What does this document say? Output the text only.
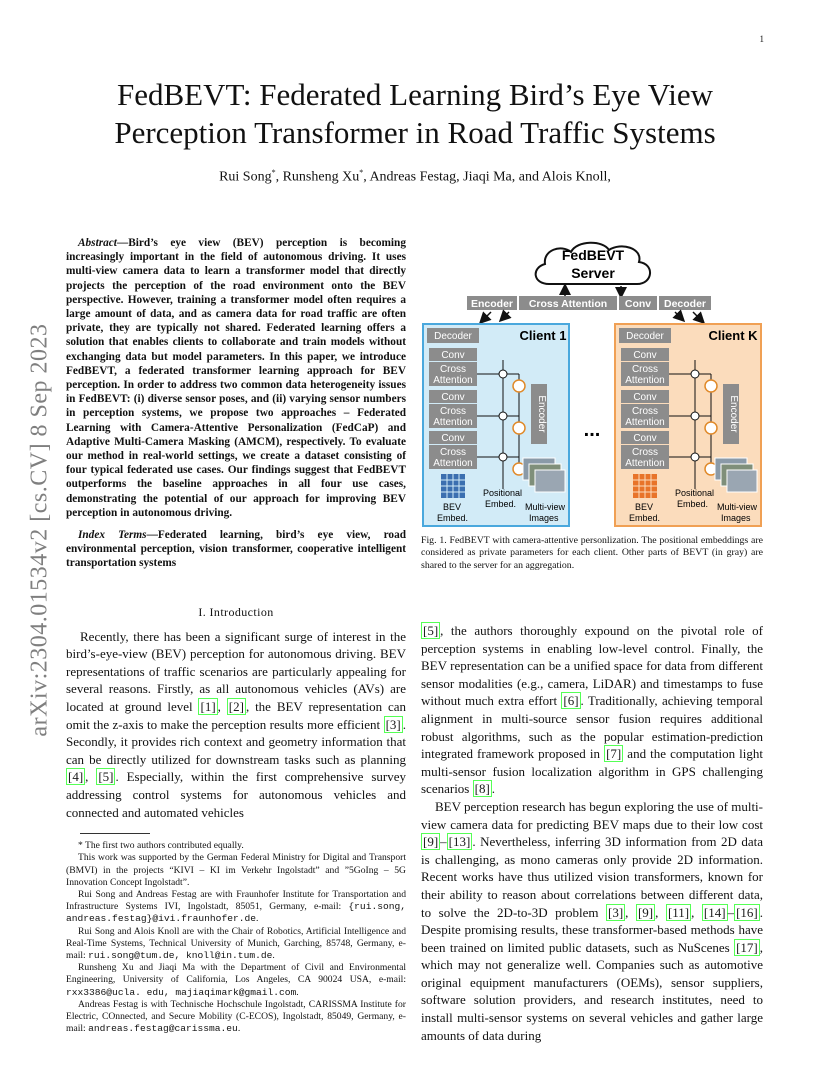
1
arXiv:2304.01534v2 [cs.CV] 8 Sep 2023
FedBEVT: Federated Learning Bird’s Eye View
Perception Transformer in Road Traffic Systems
Rui Song*, Runsheng Xu*, Andreas Festag, Jiaqi Ma, and Alois Knoll,

Abstract—Bird’s eye view (BEV) perception is becoming increasingly important in the field of autonomous driving. It uses multi-view camera data to learn a transformer model that directly projects the perception of the road environment onto the BEV perspective. However, training a transformer model often requires a large amount of data, and as camera data for road traffic are often private, they are typically not shared. Federated learning offers a solution that enables clients to collaborate and train models without exchanging data but model parameters. In this paper, we introduce FedBEVT, a federated transformer learning approach for BEV perception. In order to address two common data heterogeneity issues in FedBEVT: (i) diverse sensor poses, and (ii) varying sensor numbers in perception systems, we propose two approaches – Federated Learning with Camera-Attentive Personalization (FedCaP) and Adaptive Multi-Camera Masking (AMCM), respectively. To evaluate our method in real-world settings, we create a dataset consisting of four typical federated use cases. Our findings suggest that FedBEVT outperforms the baseline approaches in all four use cases, demonstrating the potential of our approach for improving BEV perception in autonomous driving.

Index Terms—Federated learning, bird’s eye view, road environmental perception, vision transformer, cooperative intelligent transportation systems

I. Introduction

Recently, there has been a significant surge of interest in the bird’s-eye-view (BEV) perception for autonomous driving. BEV representations of traffic scenarios are particularly appealing for several reasons. Firstly, as all autonomous vehicles (AVs) are located at ground level [1] , [2] , the BEV representation can omit the z-axis to make the perception results more efficient [3] . Secondly, it provides rich context and geometry information that can be directly utilized for downstream tasks such as planning [4] , [5] . Especially, within the first comprehensive survey addressing control systems for autonomous vehicles and connected and automated vehicles

* The first two authors contributed equally.

This work was supported by the German Federal Ministry for Digital and Transport (BMVI) in the projects “KIVI – KI im Verkehr Ingolstadt” and ”5GoIng – 5G Innovation Concept Ingolstadt”.

Rui Song and Andreas Festag are with Fraunhofer Institute for Transportation and Infrastructure Systems IVI, Ingolstadt, 85051, Germany, e-mail: {rui.song, andreas.festag}@ivi.fraunhofer.de.

Rui Song and Alois Knoll are with the Chair of Robotics, Artificial Intelligence and Real-Time Systems, Technical University of Munich, Garching, 85748, Germany, e-mail: rui.song@tum.de, knoll@in.tum.de.

Runsheng Xu and Jiaqi Ma with the Department of Civil and Environmental Engineering, University of California, Los Angeles, CA 90024 USA, e-mail: rxx3386@ucla. edu, majiaqimark@gmail.com.

Andreas Festag is with Technische Hochschule Ingolstadt, CARISSMA Institute for Electric, COnnected, and Secure Mobility (C-ECOS), Ingolstadt, 85049, Germany, e-mail: andreas.festag@carissma.eu.

FedBEVT
Server
Encoder Cross Attention Conv Decoder
Client 1
Decoder
Conv
Cross
Attention
Conv
Cross
Attention
Conv
Cross
Attention
Encoder
BEV
Embed.
Positional
Embed. Multi-view
Images
...
Client K
Decoder
Conv
Cross
Attention
Conv
Cross
Attention
Conv
Cross
Attention
Encoder
BEV
Embed.
Positional
Embed. Multi-view
Images

Fig. 1. FedBEVT with camera-attentive personlization. The positional embeddings are considered as private parameters for each client. Other parts of BEVT (in gray) are shared to the server for an aggregation.

[5] , the authors thoroughly expound on the pivotal role of perception systems in enabling low-level control. Finally, the BEV representation can be a unified space for data from different sensor modalities (e.g., camera, LiDAR) and timestamps to fuse without much extra effort [6] . Traditionally, achieving temporal alignment in multi-source sensor fusion requires additional robust algorithms, such as the popular estimation-prediction integrated framework proposed in [7] and the computation light multi-sensor fusion localization algorithm in GPS challenging scenarios [8] .

BEV perception research has begun exploring the use of multi-view camera data for predicting BEV maps due to their low cost [9] – [13] . Nevertheless, inferring 3D information from 2D data is challenging, as mono cameras only provide 2D information. Recent works have thus utilized vision transformers, known for their ability to reason about correlations between different data, to solve the 2D-to-3D problem [3] , [9] , [11] , [14] – [16] . Despite promising results, these transformer-based methods have been trained on limited public datasets, such as NuScenes [17] , which may not generalize well. Companies such as automotive original equipment manufacturers (OEMs), sensor suppliers, software solution providers, and research institutes, need to install multi-sensor systems on several vehicles and gather large amounts of data during
